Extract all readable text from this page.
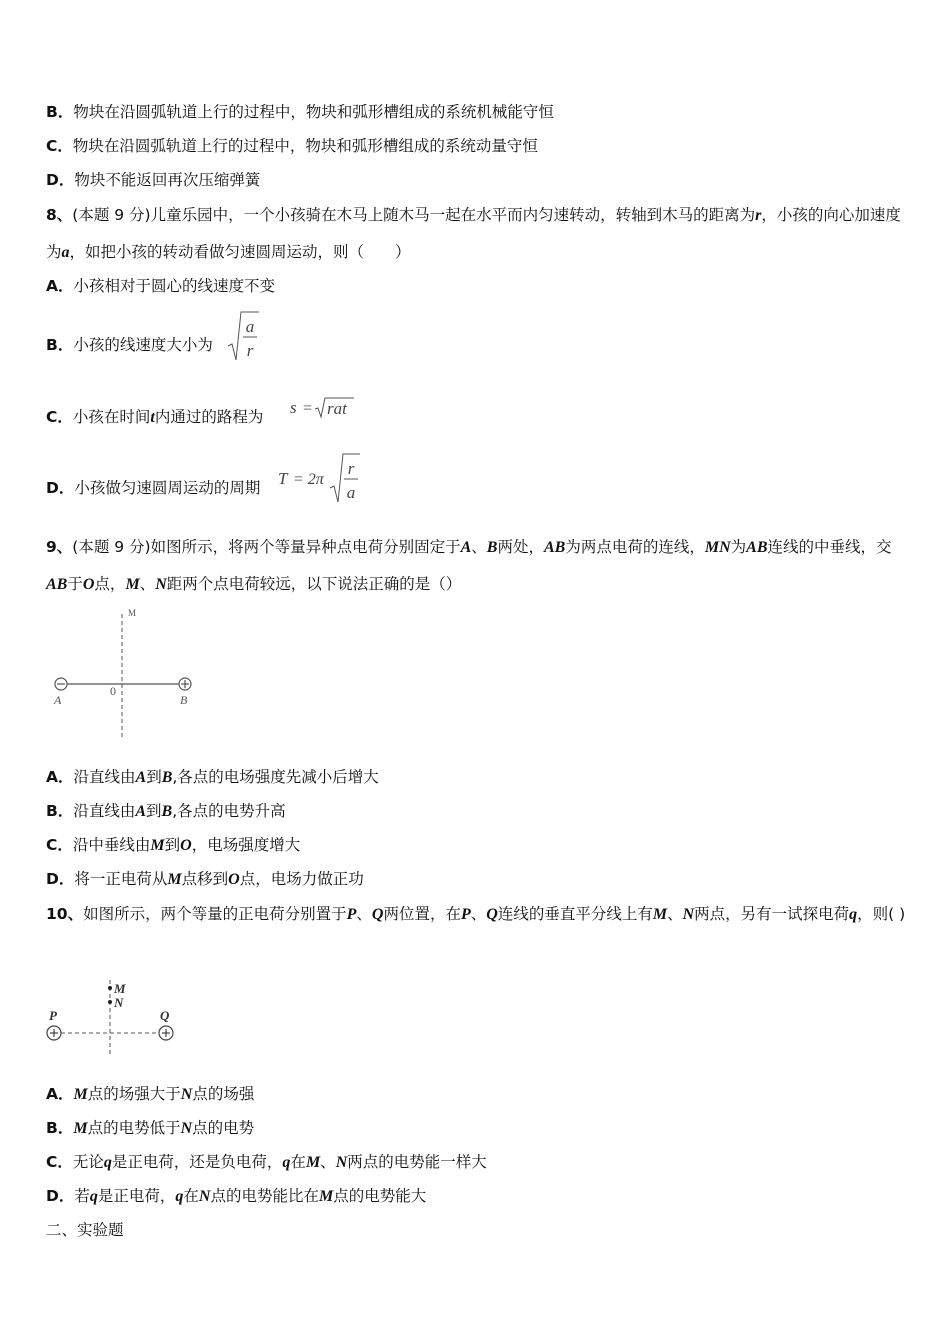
B．物块在沿圆弧轨道上行的过程中，物块和弧形槽组成的系统机械能守恒
C．物块在沿圆弧轨道上行的过程中，物块和弧形槽组成的系统动量守恒
D．物块不能返回再次压缩弹簧
8、(本题 9 分)儿童乐园中，一个小孩骑在木马上随木马一起在水平而内匀速转动，转轴到木马的距离为r，小孩的向心加速度为a，如把小孩的转动看做匀速圆周运动，则（　　）
A．小孩相对于圆心的线速度不变
B．小孩的线速度大小为
a
r
C．小孩在时间t内通过的路程为 s = rat
D．小孩做匀速圆周运动的周期 T = 2π
r
a
9、(本题 9 分)如图所示，将两个等量异种点电荷分别固定于A、B两处，AB为两点电荷的连线，MN为AB连线的中垂线，交AB于O点，M、N距两个点电荷较远，以下说法正确的是（）
M
0
A	B
A．沿直线由A到B,各点的电场强度先减小后增大
B．沿直线由A到B,各点的电势升高
C．沿中垂线由M到O，电场强度增大
D．将一正电荷从M点移到O点，电场力做正功
10、如图所示，两个等量的正电荷分别置于P、Q两位置，在P、Q连线的垂直平分线上有M、N两点，另有一试探电荷q，则( )
M
N
P	Q
A．M点的场强大于N点的场强
B．M点的电势低于N点的电势
C．无论q是正电荷，还是负电荷，q在M、N两点的电势能一样大
D．若q是正电荷，q在N点的电势能比在M点的电势能大
二、实验题
